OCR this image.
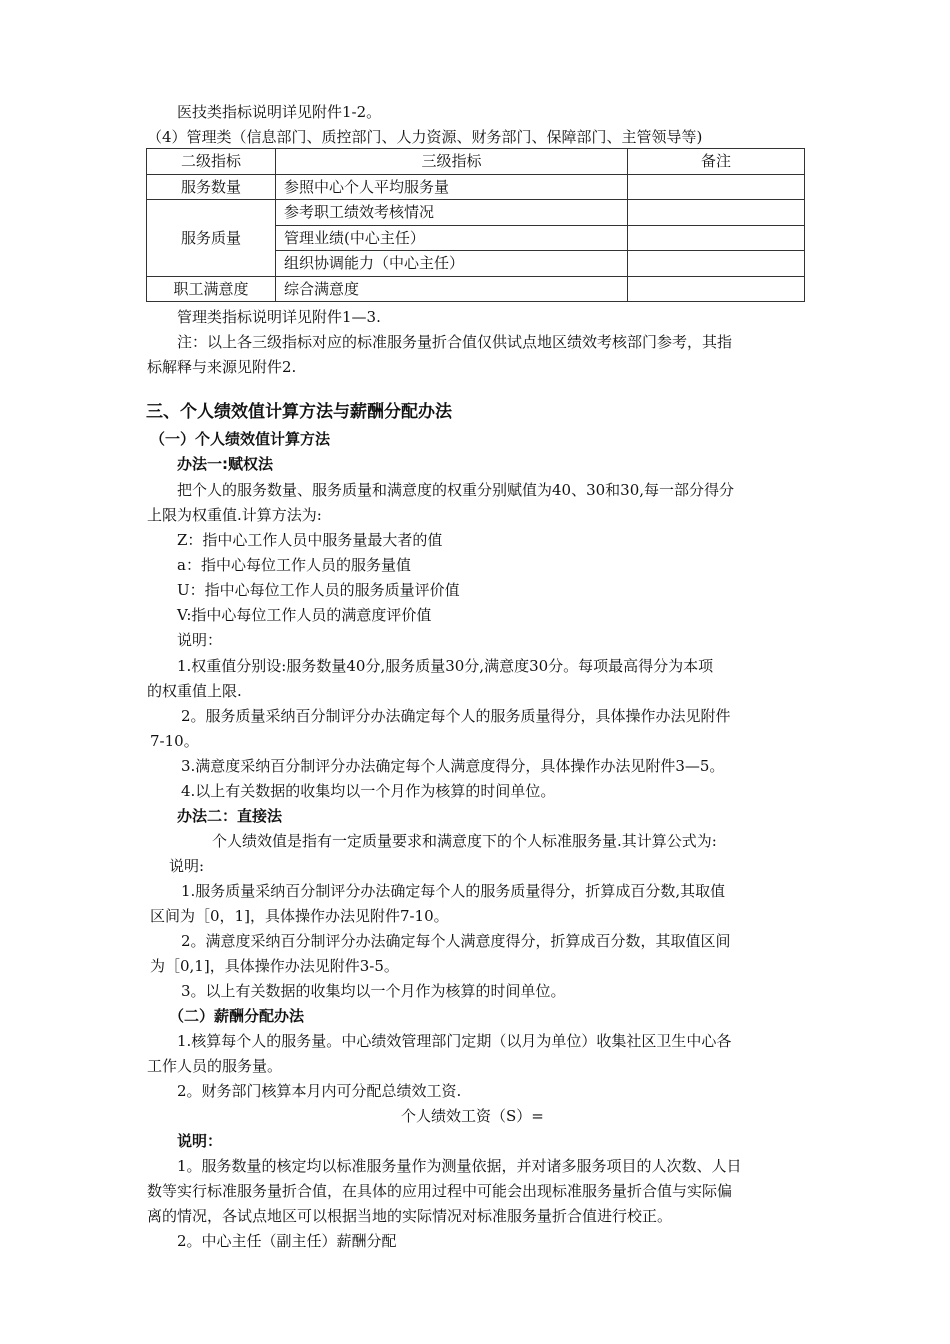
医技类指标说明详见附件1-2。
（4）管理类（信息部门、质控部门、人力资源、财务部门、保障部门、主管领导等)
二级指标	三级指标	备注
服务数量	参照中心个人平均服务量	
服务质量	参考职工绩效考核情况	
	管理业绩(中心主任）	
	组织协调能力（中心主任）	
职工满意度	综合满意度	
管理类指标说明详见附件1—3.
注：以上各三级指标对应的标准服务量折合值仅供试点地区绩效考核部门参考，其指
标解释与来源见附件2.
三、个人绩效值计算方法与薪酬分配办法
（一）个人绩效值计算方法
办法一:赋权法
把个人的服务数量、服务质量和满意度的权重分别赋值为40、30和30,每一部分得分
上限为权重值.计算方法为:
Z：指中心工作人员中服务量最大者的值
a：指中心每位工作人员的服务量值
U：指中心每位工作人员的服务质量评价值
V:指中心每位工作人员的满意度评价值
说明：
1.权重值分别设:服务数量40分,服务质量30分,满意度30分。每项最高得分为本项
的权重值上限.
2。服务质量采纳百分制评分办法确定每个人的服务质量得分，具体操作办法见附件
7-10。
3.满意度采纳百分制评分办法确定每个人满意度得分，具体操作办法见附件3—5。
4.以上有关数据的收集均以一个月作为核算的时间单位。
办法二：直接法
个人绩效值是指有一定质量要求和满意度下的个人标准服务量.其计算公式为:
说明:
1.服务质量采纳百分制评分办法确定每个人的服务质量得分，折算成百分数,其取值
区间为［0，1]，具体操作办法见附件7-10。
2。满意度采纳百分制评分办法确定每个人满意度得分，折算成百分数，其取值区间
为［0,1]，具体操作办法见附件3-5。
3。以上有关数据的收集均以一个月作为核算的时间单位。
（二）薪酬分配办法
1.核算每个人的服务量。中心绩效管理部门定期（以月为单位）收集社区卫生中心各
工作人员的服务量。
2。财务部门核算本月内可分配总绩效工资.
个人绩效工资（S）=
说明：
1。服务数量的核定均以标准服务量作为测量依据，并对诸多服务项目的人次数、人日
数等实行标准服务量折合值，在具体的应用过程中可能会出现标准服务量折合值与实际偏
离的情况，各试点地区可以根据当地的实际情况对标准服务量折合值进行校正。
2。中心主任（副主任）薪酬分配
